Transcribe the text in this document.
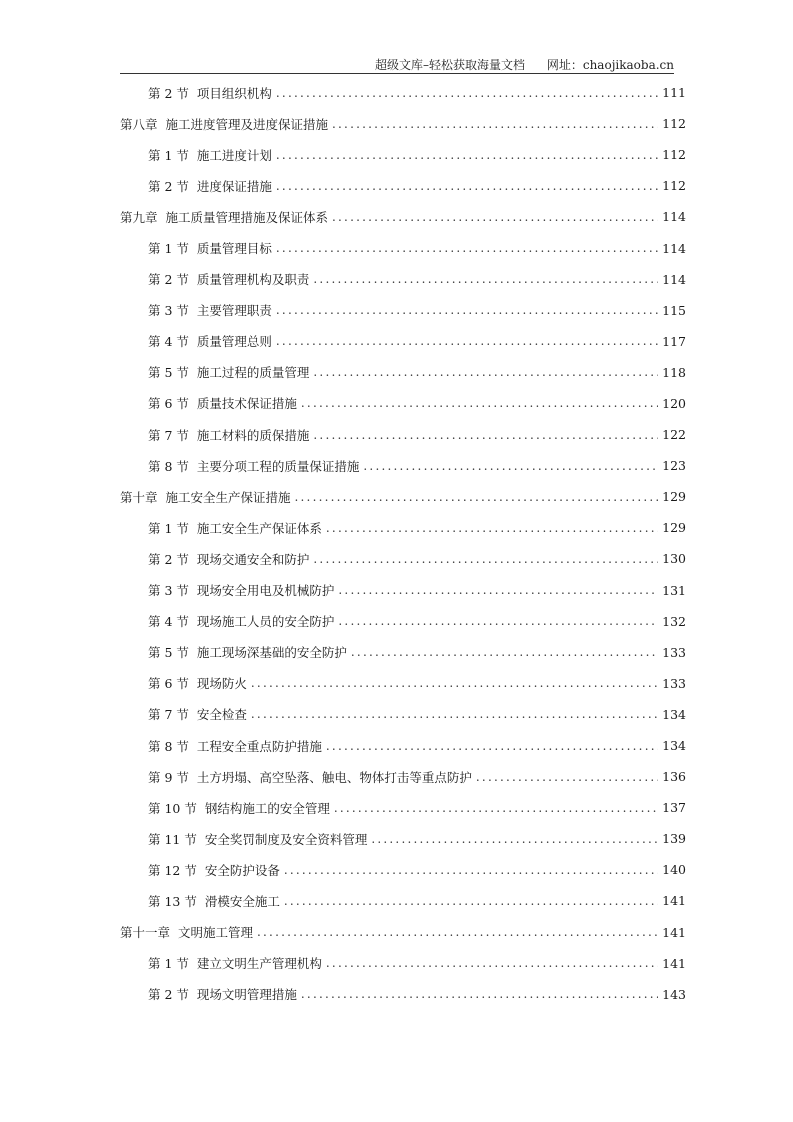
超级文库–轻松获取海量文档 网址：chaojikaoba.cn
第 2 节 项目组织机构 .....	111
第八章 施工进度管理及进度保证措施 .....	112
第 1 节 施工进度计划 .....	112
第 2 节 进度保证措施 .....	112
第九章 施工质量管理措施及保证体系 .....	114
第 1 节 质量管理目标 .....	114
第 2 节 质量管理机构及职责 .....	114
第 3 节 主要管理职责 .....	115
第 4 节 质量管理总则 .....	117
第 5 节 施工过程的质量管理 .....	118
第 6 节 质量技术保证措施 .....	120
第 7 节 施工材料的质保措施 .....	122
第 8 节 主要分项工程的质量保证措施 .....	123
第十章 施工安全生产保证措施 .....	129
第 1 节 施工安全生产保证体系 .....	129
第 2 节 现场交通安全和防护 .....	130
第 3 节 现场安全用电及机械防护 .....	131
第 4 节 现场施工人员的安全防护 .....	132
第 5 节 施工现场深基础的安全防护 .....	133
第 6 节 现场防火 .....	133
第 7 节 安全检查 .....	134
第 8 节 工程安全重点防护措施 .....	134
第 9 节 土方坍塌、高空坠落、触电、物体打击等重点防护 .....	136
第 10 节 钢结构施工的安全管理 .....	137
第 11 节 安全奖罚制度及安全资料管理 .....	139
第 12 节 安全防护设备 .....	140
第 13 节 滑模安全施工 .....	141
第十一章 文明施工管理 .....	141
第 1 节 建立文明生产管理机构 .....	141
第 2 节 现场文明管理措施 .....	143
